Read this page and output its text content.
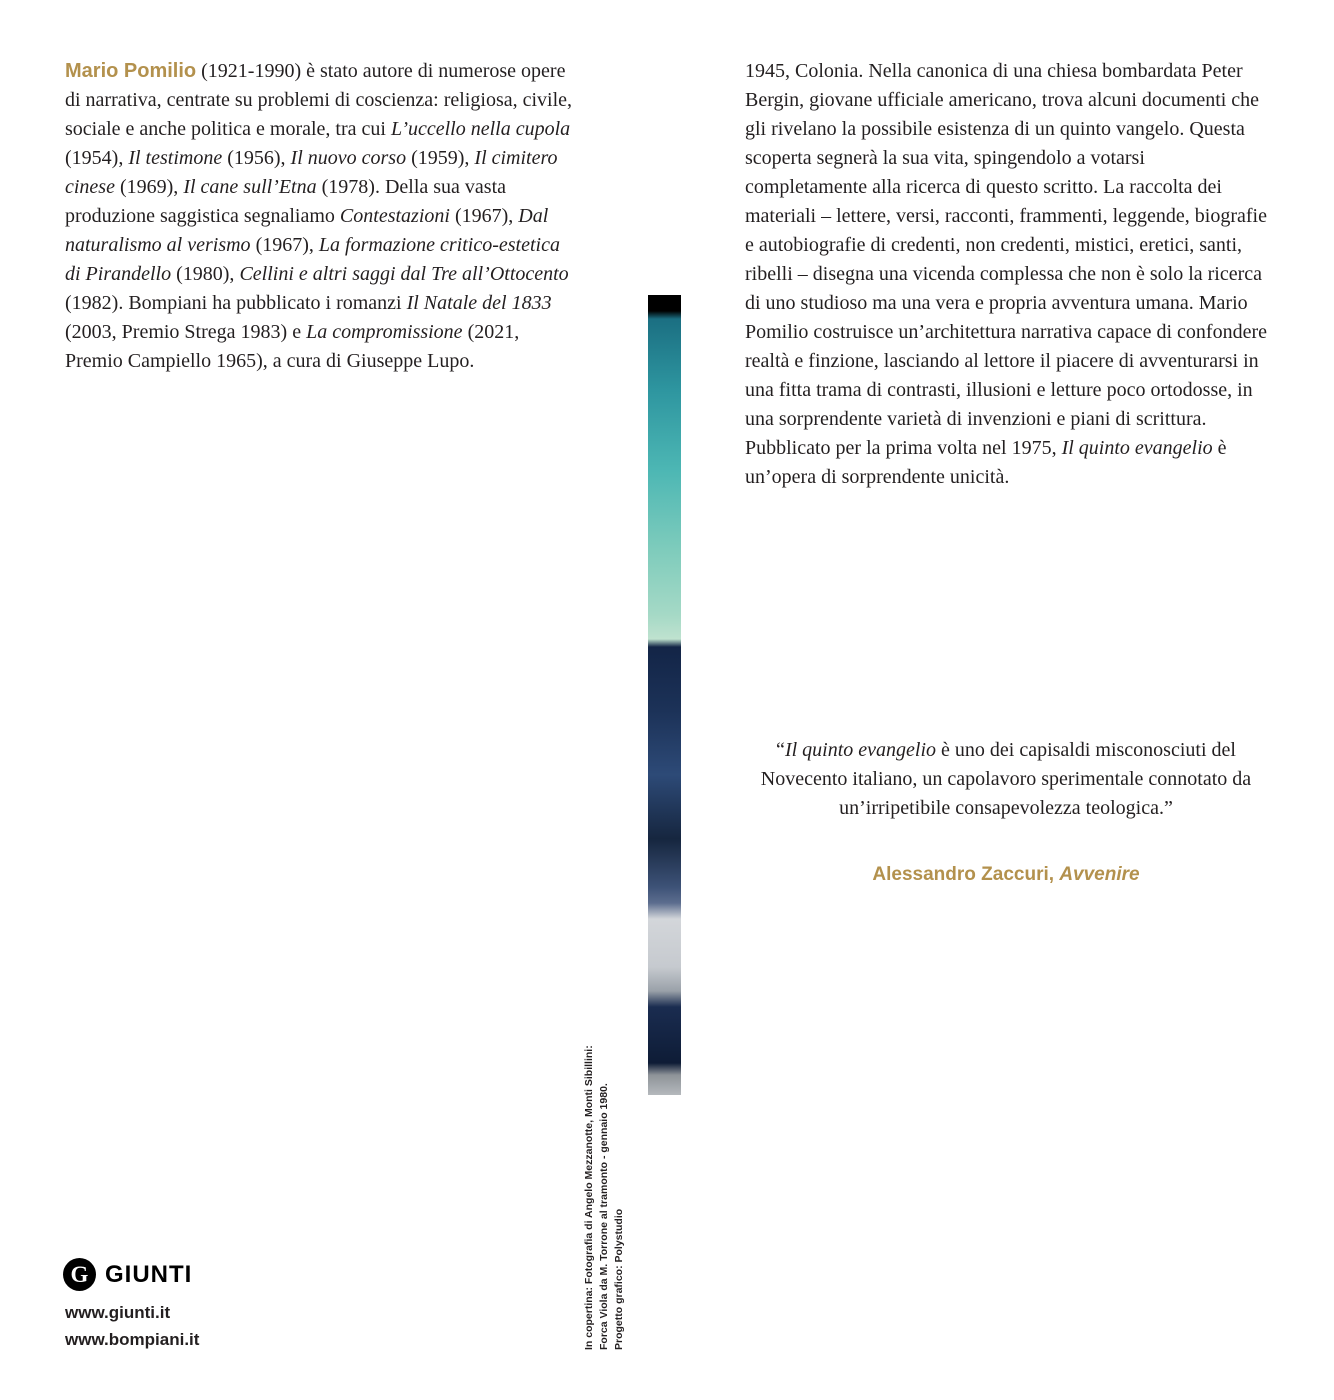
Mario Pomilio (1921-1990) è stato autore di numerose opere di narrativa, centrate su problemi di coscienza: religiosa, civile, sociale e anche politica e morale, tra cui L’uccello nella cupola (1954), Il testimone (1956), Il nuovo corso (1959), Il cimitero cinese (1969), Il cane sull’Etna (1978). Della sua vasta produzione saggistica segnaliamo Contestazioni (1967), Dal naturalismo al verismo (1967), La formazione critico-estetica di Pirandello (1980), Cellini e altri saggi dal Tre all’Ottocento (1982). Bompiani ha pubblicato i romanzi Il Natale del 1833 (2003, Premio Strega 1983) e La compromissione (2021, Premio Campiello 1965), a cura di Giuseppe Lupo.
1945, Colonia. Nella canonica di una chiesa bombardata Peter Bergin, giovane ufficiale americano, trova alcuni documenti che gli rivelano la possibile esistenza di un quinto vangelo. Questa scoperta segnerà la sua vita, spingendolo a votarsi completamente alla ricerca di questo scritto. La raccolta dei materiali – lettere, versi, racconti, frammenti, leggende, biografie e autobiografie di credenti, non credenti, mistici, eretici, santi, ribelli – disegna una vicenda complessa che non è solo la ricerca di uno studioso ma una vera e propria avventura umana. Mario Pomilio costruisce un’architettura narrativa capace di confondere realtà e finzione, lasciando al lettore il piacere di avventurarsi in una fitta trama di contrasti, illusioni e letture poco ortodosse, in una sorprendente varietà di invenzioni e piani di scrittura. Pubblicato per la prima volta nel 1975, Il quinto evangelio è un’opera di sorprendente unicità.
“Il quinto evangelio è uno dei capisaldi misconosciuti del Novecento italiano, un capolavoro sperimentale connotato da un’irripetibile consapevolezza teologica.”
Alessandro Zaccuri, Avvenire
In copertina: Fotografia di Angelo Mezzanotte, Monti Sibillini: Forca Viola da M. Torrone al tramonto - gennaio 1980. Progetto grafico: Polystudio
G GIUNTI
www.giunti.it
www.bompiani.it
